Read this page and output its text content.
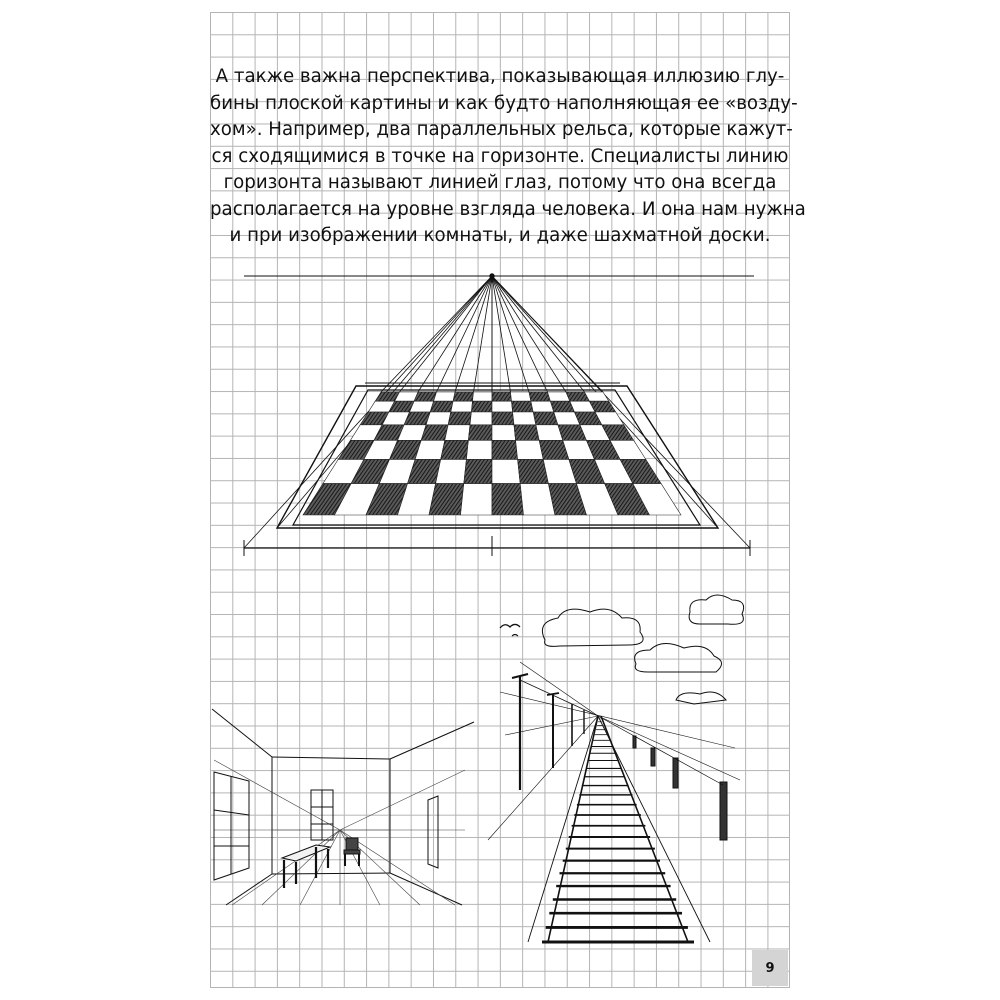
А также важна перспектива, показывающая иллюзию глу-
бины плоской картины и как будто наполняющая ее «возду-
хом». Например, два параллельных рельса, которые кажут-
ся сходящимися в точке на горизонте. Специалисты линию
горизонта называют линией глаз, потому что она всегда
располагается на уровне взгляда человека. И она нам нужна
и при изображении комнаты, и даже шахматной доски.
9
